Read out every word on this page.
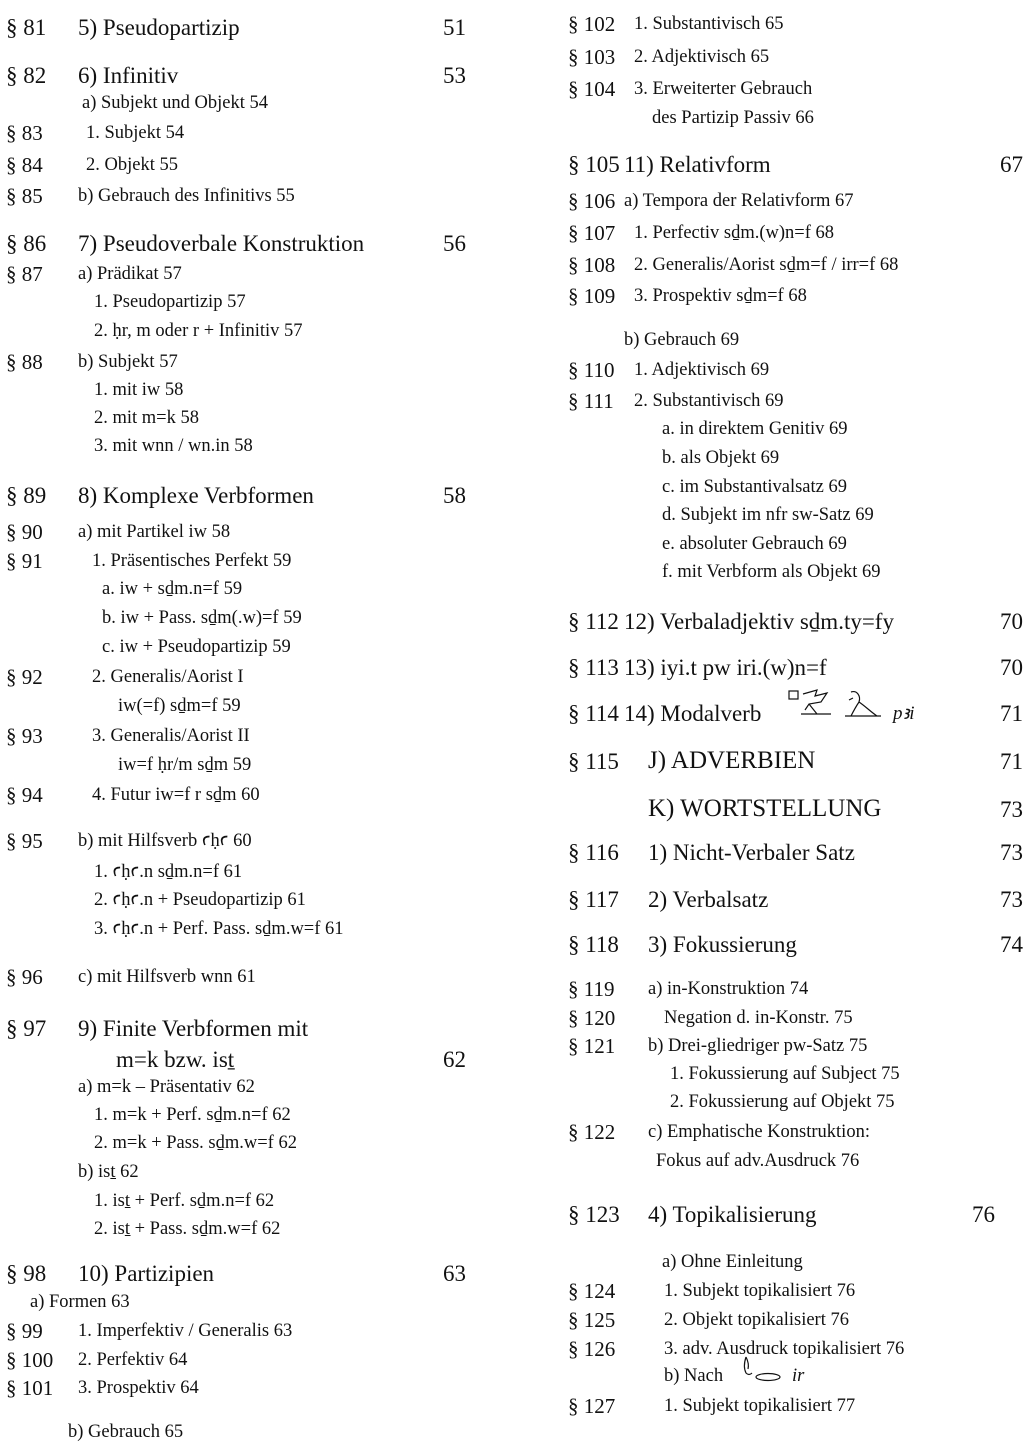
§ 81 5) Pseudopartizip	51
§ 82 6) Infinitiv	53
a) Subjekt und Objekt 54
§ 83 1. Subjekt 54
§ 84 2. Objekt 55
§ 85 b) Gebrauch des Infinitivs 55
§ 86 7) Pseudoverbale Konstruktion	56
§ 87 a) Prädikat 57
1. Pseudopartizip 57
2. ḥr, m oder r + Infinitiv 57
§ 88 b) Subjekt 57
1. mit iw 58
2. mit m=k 58
3. mit wnn / wn.in 58
§ 89 8) Komplexe Verbformen	58
§ 90 a) mit Partikel iw 58
§ 91	1. Präsentisches Perfekt 59
a. iw + sḏm.n=f 59
b. iw + Pass. sḏm(.w)=f 59
c. iw + Pseudopartizip 59
§ 92	2. Generalis/Aorist I
iw(=f) sḏm=f 59
§ 93	3. Generalis/Aorist II
iw=f ḥr/m sḏm 59
§ 94	4. Futur iw=f r sḏm 60
§ 95 b) mit Hilfsverb ꜥḥꜥ 60
1. ꜥḥꜥ.n sḏm.n=f 61
2. ꜥḥꜥ.n + Pseudopartizip 61
3. ꜥḥꜥ.n + Perf. Pass. sḏm.w=f 61
§ 96 c) mit Hilfsverb wnn 61
§ 97 9) Finite Verbformen mit
m=k bzw. isṯ	62
a) m=k – Präsentativ 62
1. m=k + Perf. sḏm.n=f 62
2. m=k + Pass. sḏm.w=f 62
b) isṯ 62
1. isṯ + Perf. sḏm.n=f 62
2. isṯ + Pass. sḏm.w=f 62
§ 98 10) Partizipien	63
a) Formen 63
§ 99 1. Imperfektiv / Generalis 63
§ 100 2. Perfektiv 64
§ 101 3. Prospektiv 64
b) Gebrauch 65
§ 102 1. Substantivisch 65
§ 103 2. Adjektivisch 65
§ 104 3. Erweiterter Gebrauch
des Partizip Passiv 66
§ 105 11) Relativform	67
§ 106 a) Tempora der Relativform 67
§ 107 1. Perfectiv sḏm.(w)n=f 68
§ 108 2. Generalis/Aorist sḏm=f / irr=f 68
§ 109 3. Prospektiv sḏm=f 68
b) Gebrauch 69
§ 110 1. Adjektivisch 69
§ 111 2. Substantivisch 69
a. in direktem Genitiv 69
b. als Objekt 69
c. im Substantivalsatz 69
d. Subjekt im nfr sw-Satz 69
e. absoluter Gebrauch 69
f. mit Verbform als Objekt 69
§ 112 12) Verbaladjektiv sḏm.ty=fy	70
§ 113 13) iyi.t pw iri.(w)n=f	70
§ 114 14) Modalverb	pꜣi	71
§ 115 J) ADVERBIEN	71
K) WORTSTELLUNG	73
§ 116 1) Nicht-Verbaler Satz	73
§ 117 2) Verbalsatz	73
§ 118 3) Fokussierung	74
§ 119 a) in-Konstruktion 74
§ 120	Negation d. in-Konstr. 75
§ 121 b) Drei-gliedriger pw-Satz 75
1. Fokussierung auf Subject 75
2. Fokussierung auf Objekt 75
§ 122 c) Emphatische Konstruktion:
Fokus auf adv.Ausdruck 76
§ 123 4) Topikalisierung	76
a) Ohne Einleitung
§ 124	1. Subjekt topikalisiert 76
§ 125	2. Objekt topikalisiert 76
§ 126	3. adv. Ausdruck topikalisiert 76
b) Nach	ir
§ 127	1. Subjekt topikalisiert 77
